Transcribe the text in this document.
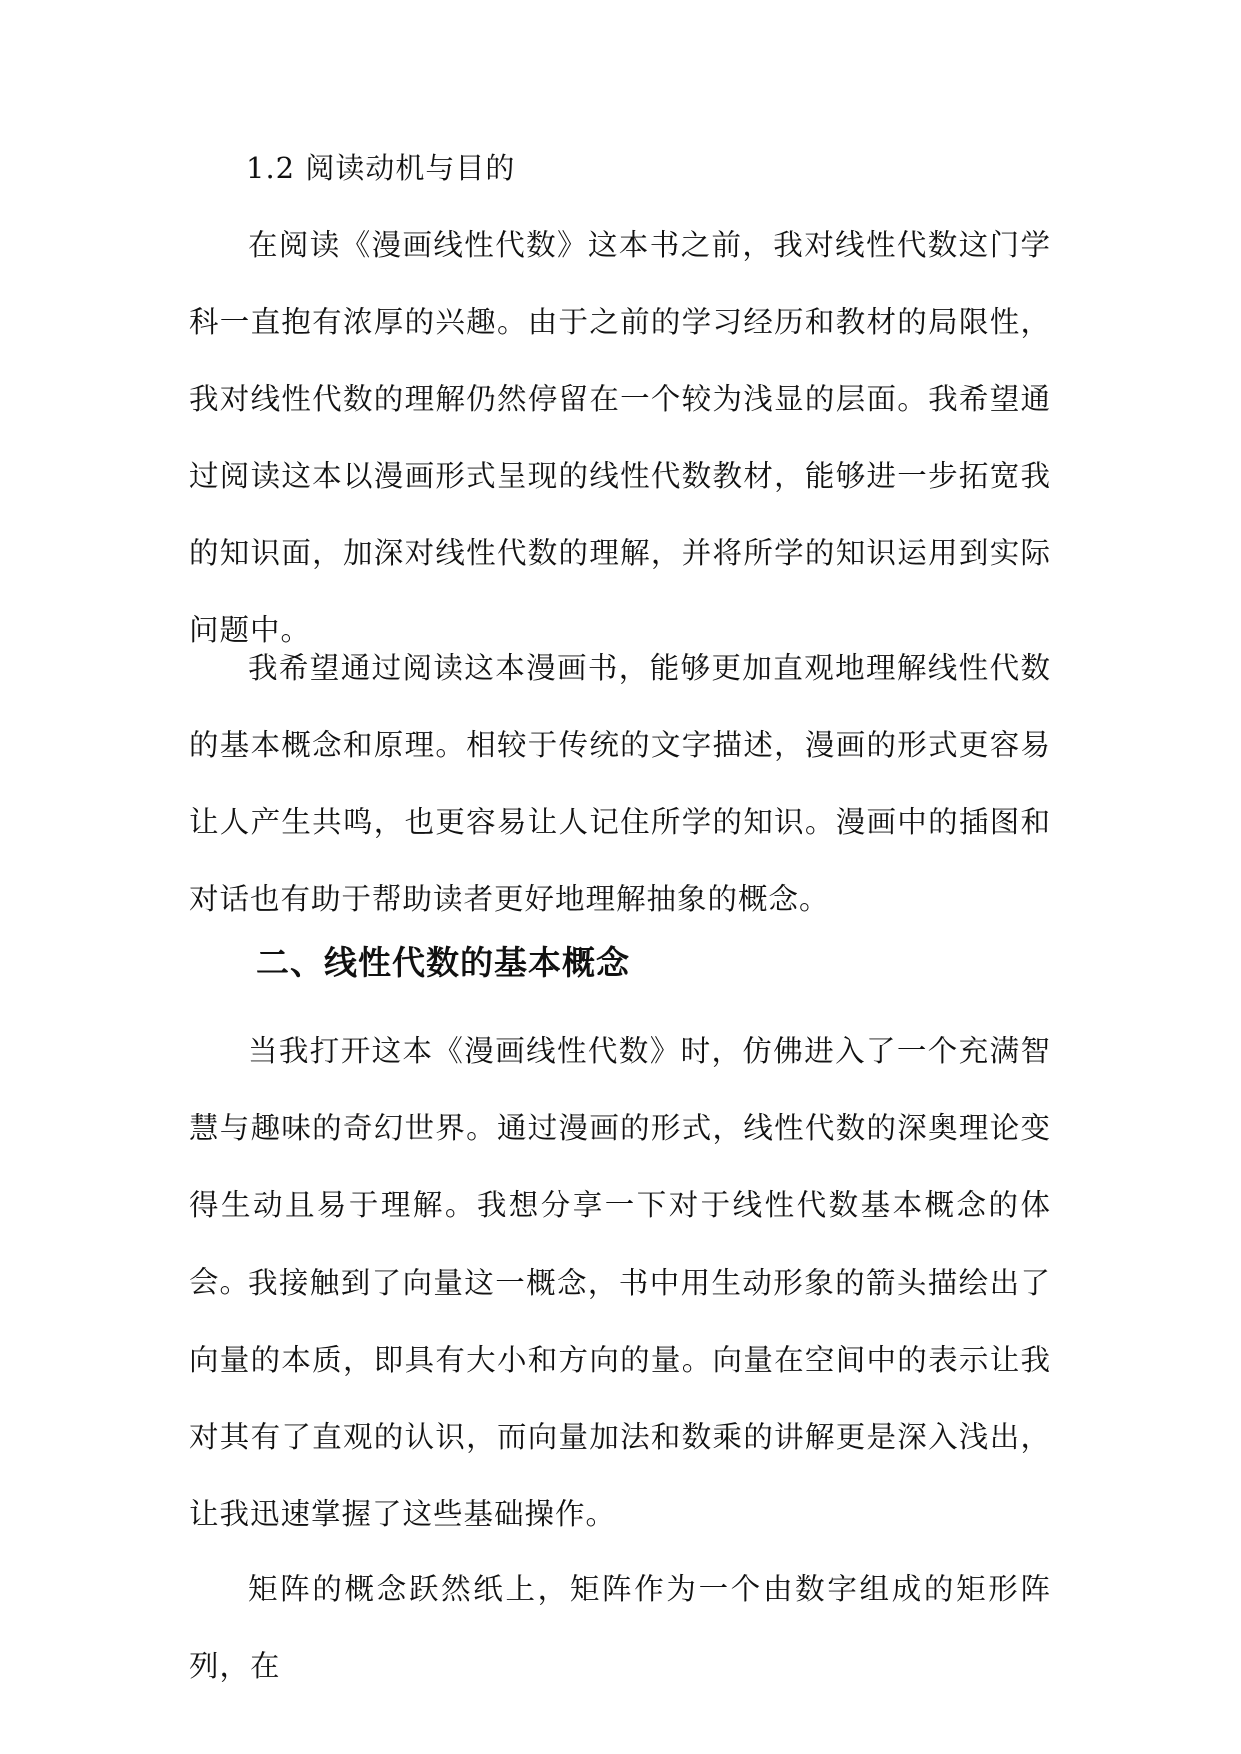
1.2 阅读动机与目的

在阅读《漫画线性代数》这本书之前，我对线性代数这门学科一直抱有浓厚的兴趣。由于之前的学习经历和教材的局限性，我对线性代数的理解仍然停留在一个较为浅显的层面。我希望通过阅读这本以漫画形式呈现的线性代数教材，能够进一步拓宽我的知识面，加深对线性代数的理解，并将所学的知识运用到实际问题中。

我希望通过阅读这本漫画书，能够更加直观地理解线性代数的基本概念和原理。相较于传统的文字描述，漫画的形式更容易让人产生共鸣，也更容易让人记住所学的知识。漫画中的插图和对话也有助于帮助读者更好地理解抽象的概念。

二、线性代数的基本概念

当我打开这本《漫画线性代数》时，仿佛进入了一个充满智慧与趣味的奇幻世界。通过漫画的形式，线性代数的深奥理论变得生动且易于理解。我想分享一下对于线性代数基本概念的体会。

我接触到了向量这一概念，书中用生动形象的箭头描绘出了向量的本质，即具有大小和方向的量。向量在空间中的表示让我对其有了直观的认识，而向量加法和数乘的讲解更是深入浅出，让我迅速掌握了这些基础操作。

矩阵的概念跃然纸上，矩阵作为一个由数字组成的矩形阵列，在
